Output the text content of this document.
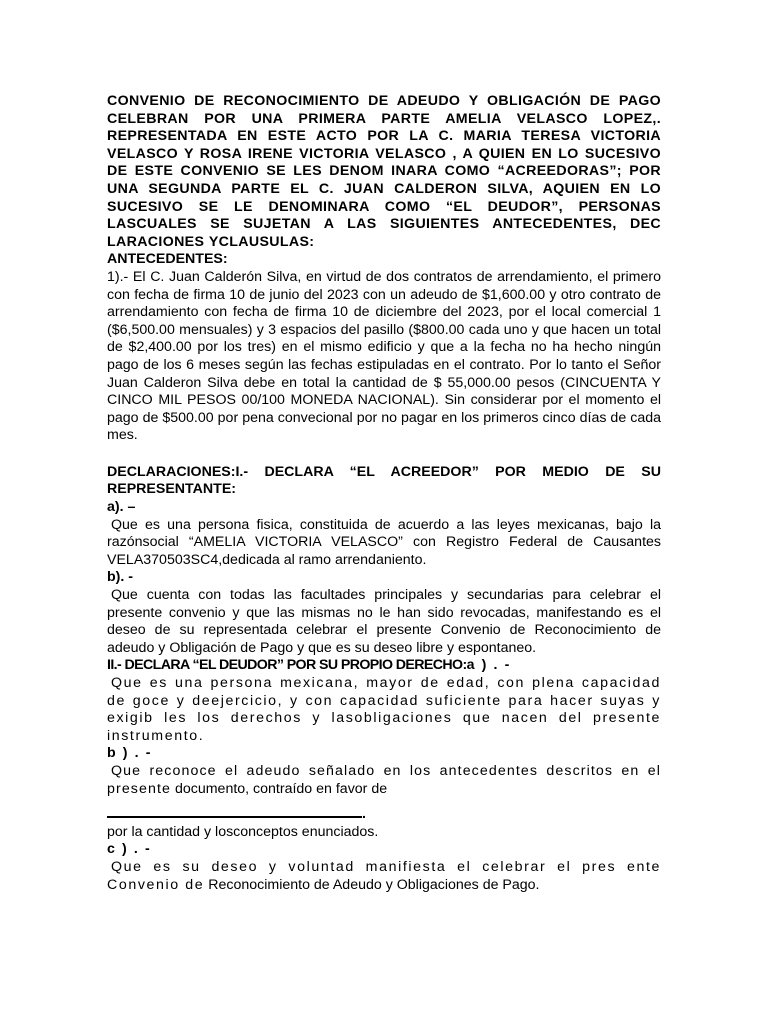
CONVENIO DE RECONOCIMIENTO DE ADEUDO Y OBLIGACIÓN DE PAGO CELEBRAN POR UNA PRIMERA PARTE AMELIA VELASCO LOPEZ,. REPRESENTADA EN ESTE ACTO POR LA C. MARIA TERESA VICTORIA VELASCO Y ROSA IRENE VICTORIA VELASCO , A QUIEN EN LO SUCESIVO DE ESTE CONVENIO SE LES DENOM INARA COMO “ACREEDORAS”; POR UNA SEGUNDA PARTE EL C. JUAN CALDERON SILVA, AQUIEN EN LO SUCESIVO SE LE DENOMINARA COMO “EL DEUDOR”, PERSONAS LASCUALES SE SUJETAN A LAS SIGUIENTES ANTECEDENTES, DEC LARACIONES YCLAUSULAS:

ANTECEDENTES:

1).- El C. Juan Calderón Silva, en virtud de dos contratos de arrendamiento, el primero con fecha de firma 10 de junio del 2023 con un adeudo de $1,600.00 y otro contrato de arrendamiento con fecha de firma 10 de diciembre del 2023, por el local comercial 1 ($6,500.00 mensuales) y 3 espacios del pasillo ($800.00 cada uno y que hacen un total de $2,400.00 por los tres) en el mismo edificio y que a la fecha no ha hecho ningún pago de los 6 meses según las fechas estipuladas en el contrato. Por lo tanto el Señor Juan Calderon Silva debe en total la cantidad de $ 55,000.00 pesos (CINCUENTA Y CINCO MIL PESOS 00/100 MONEDA NACIONAL). Sin considerar por el momento el pago de $500.00 por pena convecional por no pagar en los primeros cinco días de cada mes.

DECLARACIONES:I.- DECLARA “EL ACREEDOR” POR MEDIO DE SU REPRESENTANTE:

a). –

Que es una persona fisica, constituida de acuerdo a las leyes mexicanas, bajo la razónsocial “AMELIA VICTORIA VELASCO” con Registro Federal de Causantes VELA370503SC4,dedicada al ramo arrendaniento.

b). -

Que cuenta con todas las facultades principales y secundarias para celebrar el presente convenio y que las mismas no le han sido revocadas, manifestando es el deseo de su representada celebrar el presente Convenio de Reconocimiento de adeudo y Obligación de Pago y que es su deseo libre y espontaneo.

II.- DECLARA “EL DEUDOR” POR SU PROPIO DERECHO:a ) . -

Que es una persona mexicana, mayor de edad, con plena capacidad de goce y deejercicio, y con capacidad suficiente para hacer suyas y exigib les los derechos y lasobligaciones que nacen del presente instrumento.

b ) . -

Que reconoce el adeudo señalado en los antecedentes descritos en el presente documento, contraído en favor de

.

por la cantidad y losconceptos enunciados.

c ) . -

Que es su deseo y voluntad manifiesta el celebrar el pres ente Convenio de Reconocimiento de Adeudo y Obligaciones de Pago.
